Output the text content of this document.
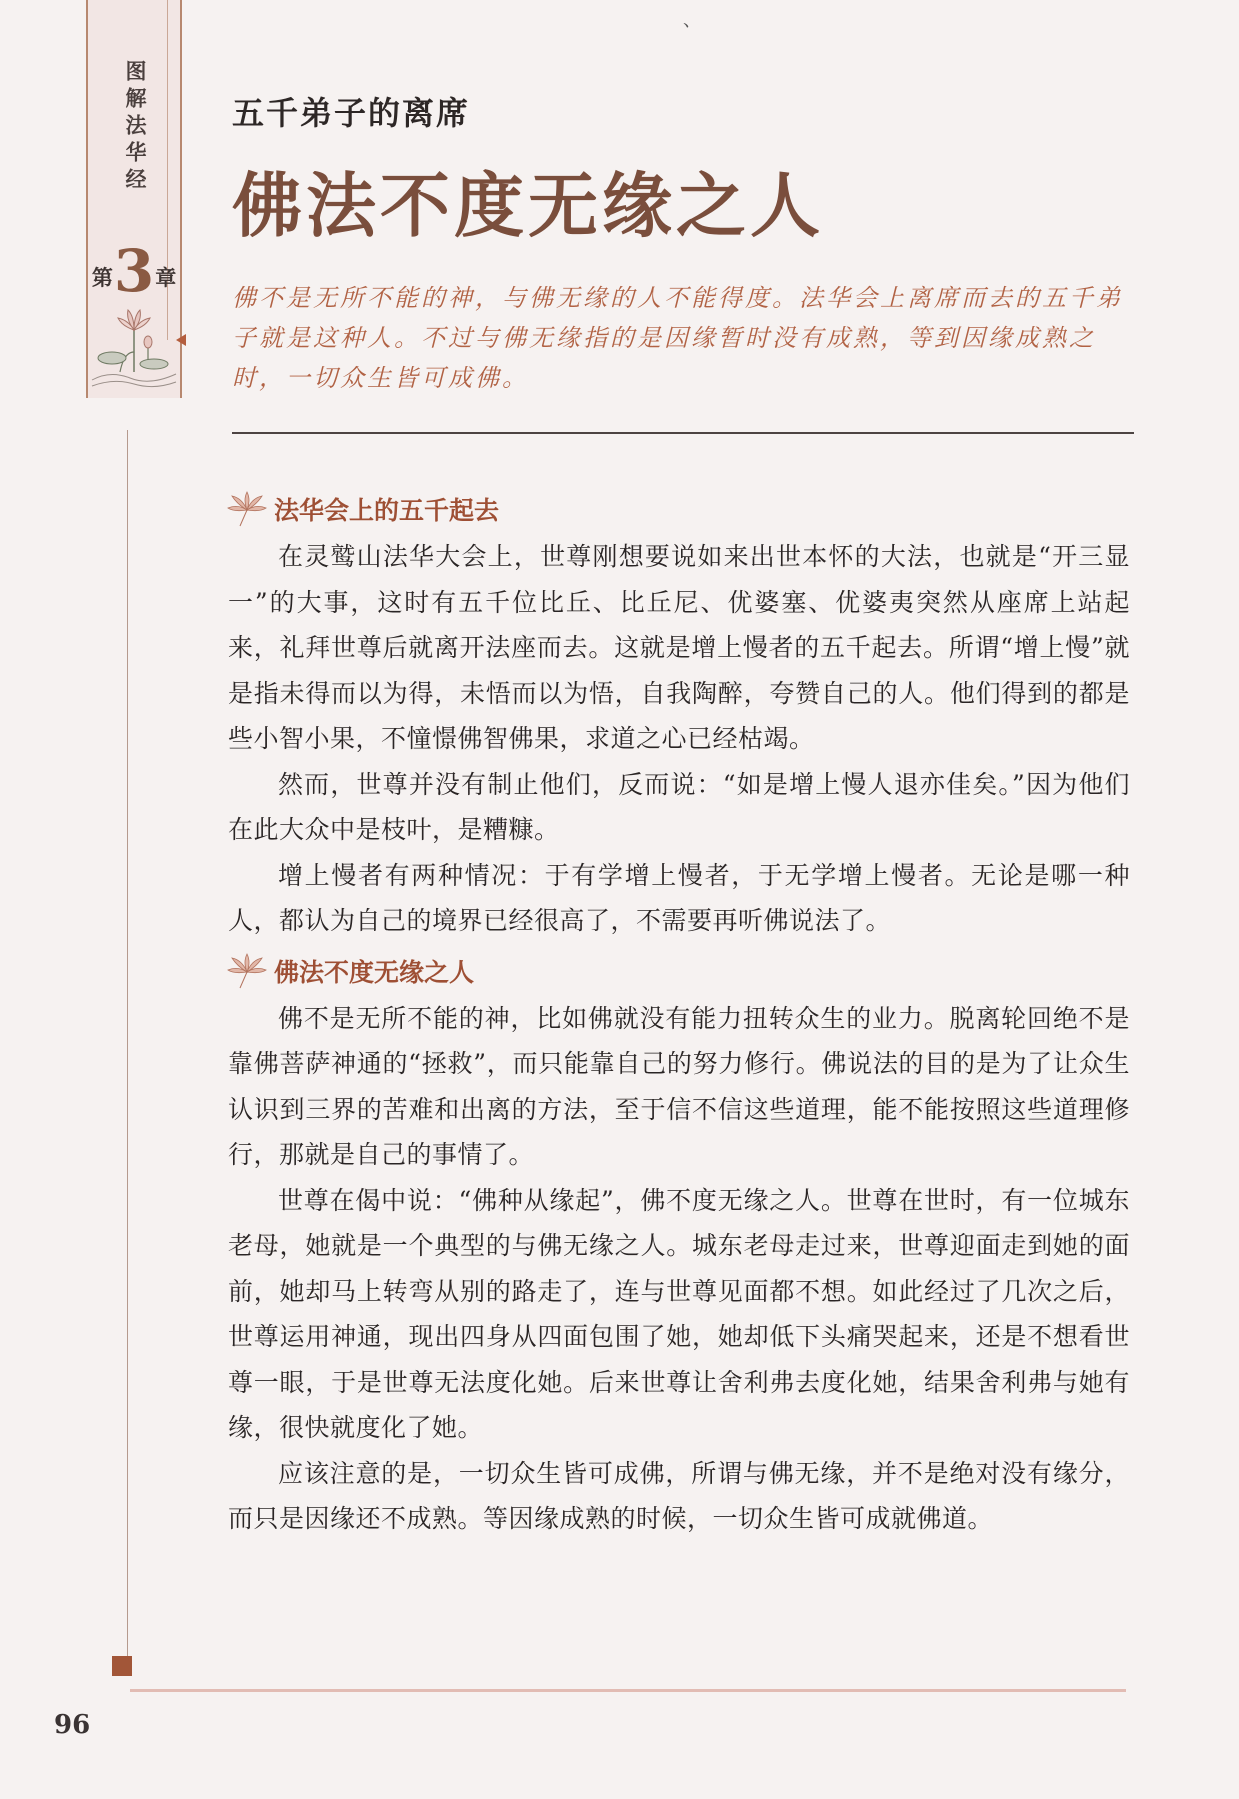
、
图解法华经
第 3 章
五千弟子的离席
佛法不度无缘之人
佛不是无所不能的神，与佛无缘的人不能得度。法华会上离席而去的五千弟子就是这种人。不过与佛无缘指的是因缘暂时没有成熟，等到因缘成熟之时，一切众生皆可成佛。
法华会上的五千起去

在灵鹫山法华大会上，世尊刚想要说如来出世本怀的大法，也就是“开三显一”的大事，这时有五千位比丘、比丘尼、优婆塞、优婆夷突然从座席上站起来，礼拜世尊后就离开法座而去。这就是增上慢者的五千起去。所谓“增上慢”就是指未得而以为得，未悟而以为悟，自我陶醉，夸赞自己的人。他们得到的都是些小智小果，不憧憬佛智佛果，求道之心已经枯竭。

然而，世尊并没有制止他们，反而说：“如是增上慢人退亦佳矣。”因为他们在此大众中是枝叶，是糟糠。

增上慢者有两种情况：于有学增上慢者，于无学增上慢者。无论是哪一种人，都认为自己的境界已经很高了，不需要再听佛说法了。

佛法不度无缘之人

佛不是无所不能的神，比如佛就没有能力扭转众生的业力。脱离轮回绝不是靠佛菩萨神通的“拯救”，而只能靠自己的努力修行。佛说法的目的是为了让众生认识到三界的苦难和出离的方法，至于信不信这些道理，能不能按照这些道理修行，那就是自己的事情了。

世尊在偈中说：“佛种从缘起”，佛不度无缘之人。世尊在世时，有一位城东老母，她就是一个典型的与佛无缘之人。城东老母走过来，世尊迎面走到她的面前，她却马上转弯从别的路走了，连与世尊见面都不想。如此经过了几次之后，世尊运用神通，现出四身从四面包围了她，她却低下头痛哭起来，还是不想看世尊一眼，于是世尊无法度化她。后来世尊让舍利弗去度化她，结果舍利弗与她有缘，很快就度化了她。

应该注意的是，一切众生皆可成佛，所谓与佛无缘，并不是绝对没有缘分，而只是因缘还不成熟。等因缘成熟的时候，一切众生皆可成就佛道。

96
